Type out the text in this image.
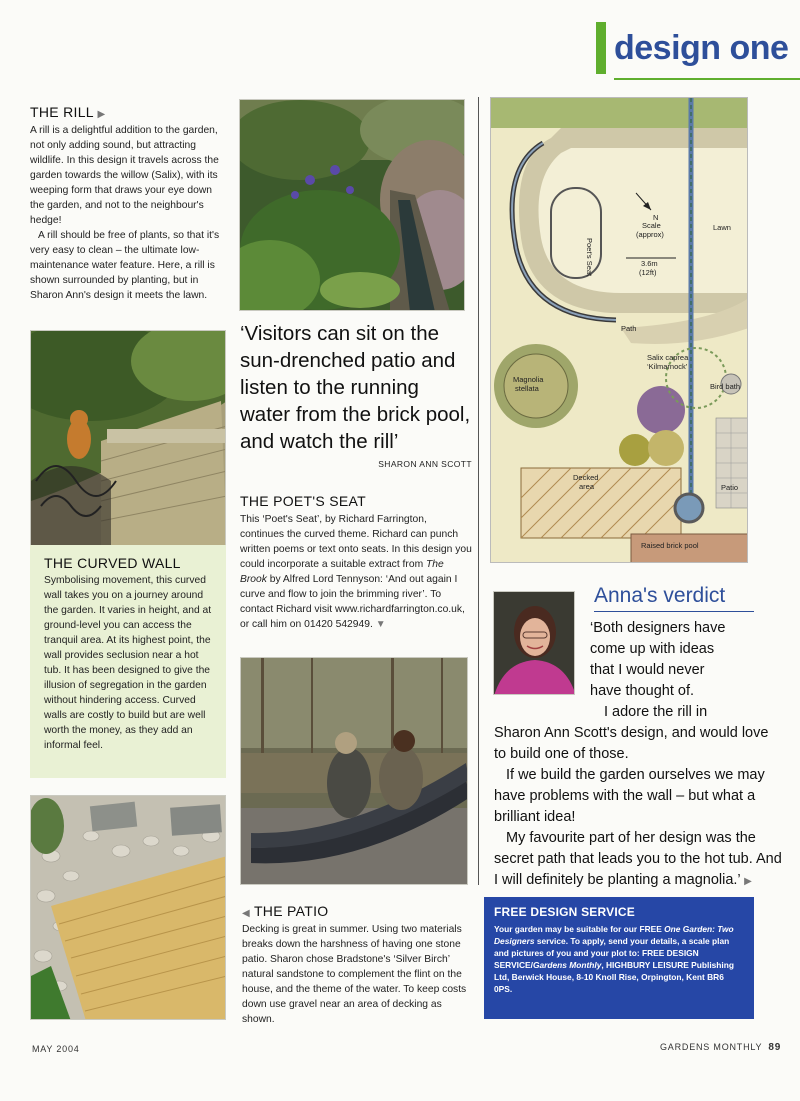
design one
THE RILL ▶

A rill is a delightful addition to the garden, not only adding sound, but attracting wildlife. In this design it travels across the garden towards the willow (Salix), with its weeping form that draws your eye down the garden, and not to the neighbour's hedge!

A rill should be free of plants, so that it's very easy to clean – the ultimate low-maintenance water feature. Here, a rill is shown surrounded by planting, but in Sharon Ann's design it meets the lawn.

‘Visitors can sit on the sun-drenched patio and listen to the running water from the brick pool, and watch the rill’
SHARON ANN SCOTT
THE CURVED WALL
Symbolising movement, this curved wall takes you on a journey around the garden. It varies in height, and at ground-level you can access the tranquil area. At its highest point, the wall provides seclusion near a hot tub. It has been designed to give the illusion of segregation in the garden without hindering access. Curved walls are costly to build but are well worth the money, as they add an informal feel.
THE POET'S SEAT
This ‘Poet's Seat’, by Richard Farrington, continues the curved theme. Richard can punch written poems or text onto seats. In this design you could incorporate a suitable extract from The Brook by Alfred Lord Tennyson: ‘And out again I curve and flow to join the brimming river’. To contact Richard visit www.richardfarrington.co.uk, or call him on 01420 542949. ▼
◀ THE PATIO
Decking is great in summer. Using two materials breaks down the harshness of having one stone patio. Sharon chose Bradstone's ‘Silver Birch’ natural sandstone to complement the flint on the house, and the theme of the water. To keep costs down use gravel near an area of decking as shown.
Poet's Seat
Scale
(approx)
N
3.6m
(12ft)
Lawn
Path
Salix caprea
‘Kilmarnock’
Bird bath
Magnolia
stellata
Decked
area	Patio
Raised brick pool
Anna's verdict

‘Both designers have

come up with ideas

that I would never

have thought of.

I adore the rill in

Sharon Ann Scott's design, and would love to build one of those.

If we build the garden ourselves we may have problems with the wall – but what a brilliant idea!

My favourite part of her design was the secret path that leads you to the hot tub. And I will definitely be planting a magnolia.’ ▶

FREE DESIGN SERVICE
Your garden may be suitable for our FREE One Garden: Two Designers service. To apply, send your details, a scale plan and pictures of you and your plot to: FREE DESIGN SERVICE/Gardens Monthly, HIGHBURY LEISURE Publishing Ltd, Berwick House, 8-10 Knoll Rise, Orpington, Kent BR6 0PS.
MAY 2004	GARDENS MONTHLY 89
